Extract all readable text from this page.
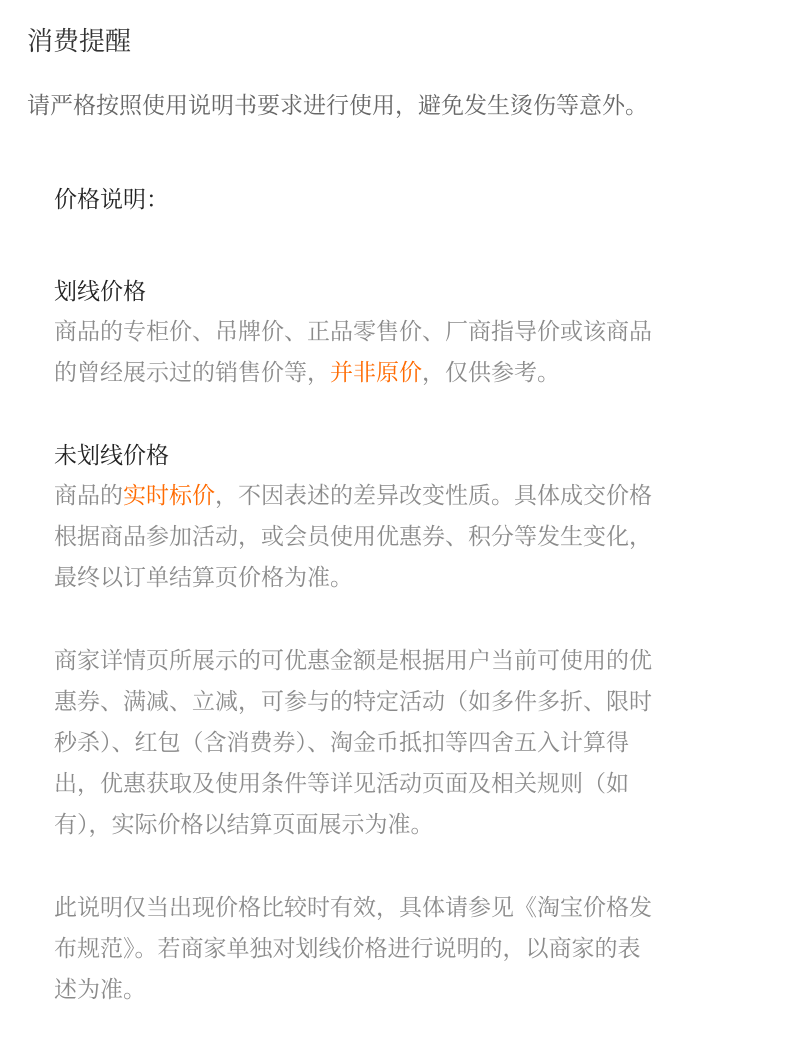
消费提醒
请严格按照使用说明书要求进行使用，避免发生烫伤等意外。

价格说明：

划线价格

商品的专柜价、吊牌价、正品零售价、厂商指导价或该商品
的曾经展示过的销售价等，并非原价，仅供参考。

未划线价格

商品的实时标价，不因表述的差异改变性质。具体成交价格
根据商品参加活动，或会员使用优惠券、积分等发生变化，
最终以订单结算页价格为准。

商家详情页所展示的可优惠金额是根据用户当前可使用的优
惠券、满减、立减，可参与的特定活动（如多件多折、限时
秒杀）、红包（含消费券）、淘金币抵扣等四舍五入计算得
出，优惠获取及使用条件等详见活动页面及相关规则（如
有），实际价格以结算页面展示为准。

此说明仅当出现价格比较时有效，具体请参见《淘宝价格发
布规范》。若商家单独对划线价格进行说明的，以商家的表
述为准。
